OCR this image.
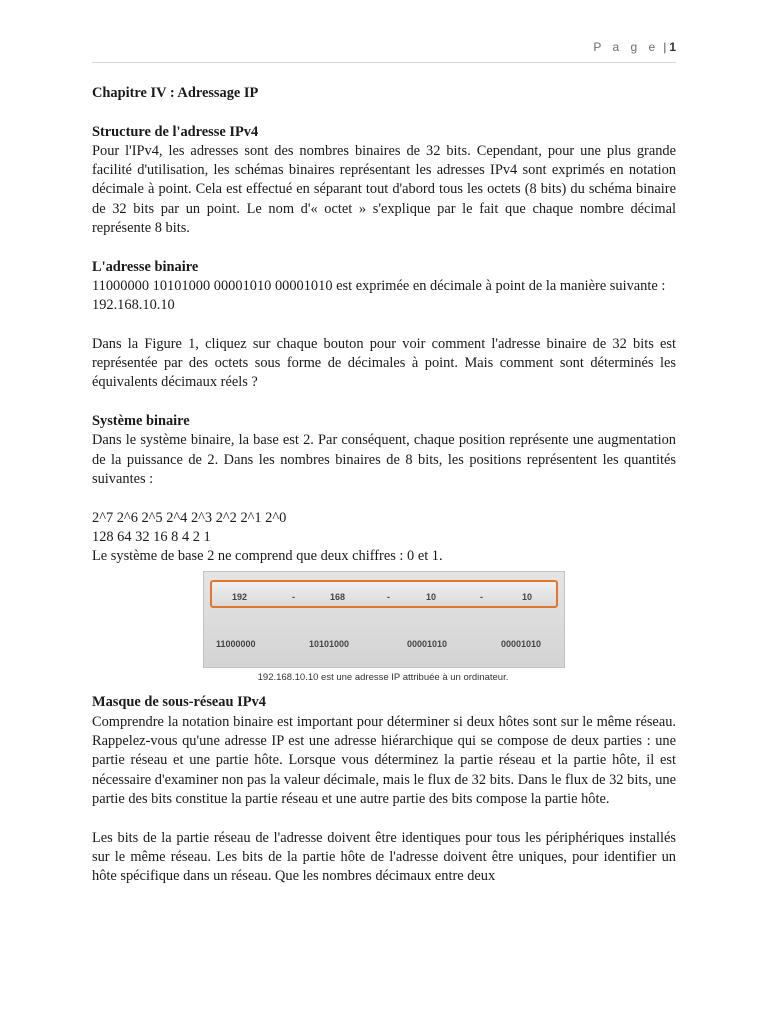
P a g e | 1

Chapitre IV : Adressage IP

Structure de l'adresse IPv4

Pour l'IPv4, les adresses sont des nombres binaires de 32 bits. Cependant, pour une plus grande facilité d'utilisation, les schémas binaires représentant les adresses IPv4 sont exprimés en notation décimale à point. Cela est effectué en séparant tout d'abord tous les octets (8 bits) du schéma binaire de 32 bits par un point. Le nom d'« octet » s'explique par le fait que chaque nombre décimal représente 8 bits.

L'adresse binaire

11000000 10101000 00001010 00001010 est exprimée en décimale à point de la manière suivante :
192.168.10.10

Dans la Figure 1, cliquez sur chaque bouton pour voir comment l'adresse binaire de 32 bits est représentée par des octets sous forme de décimales à point. Mais comment sont déterminés les équivalents décimaux réels ?

Système binaire

Dans le système binaire, la base est 2. Par conséquent, chaque position représente une augmentation de la puissance de 2. Dans les nombres binaires de 8 bits, les positions représentent les quantités suivantes :

2^7 2^6 2^5 2^4 2^3 2^2 2^1 2^0
128 64 32 16 8 4 2 1
Le système de base 2 ne comprend que deux chiffres : 0 et 1.

192	-	168	-	10	-	10
11000000	10101000	00001010	00001010
192.168.10.10 est une adresse IP attribuée à un ordinateur.

Masque de sous-réseau IPv4

Comprendre la notation binaire est important pour déterminer si deux hôtes sont sur le même réseau. Rappelez-vous qu'une adresse IP est une adresse hiérarchique qui se compose de deux parties : une partie réseau et une partie hôte. Lorsque vous déterminez la partie réseau et la partie hôte, il est nécessaire d'examiner non pas la valeur décimale, mais le flux de 32 bits. Dans le flux de 32 bits, une partie des bits constitue la partie réseau et une autre partie des bits compose la partie hôte.

Les bits de la partie réseau de l'adresse doivent être identiques pour tous les périphériques installés sur le même réseau. Les bits de la partie hôte de l'adresse doivent être uniques, pour identifier un hôte spécifique dans un réseau. Que les nombres décimaux entre deux
